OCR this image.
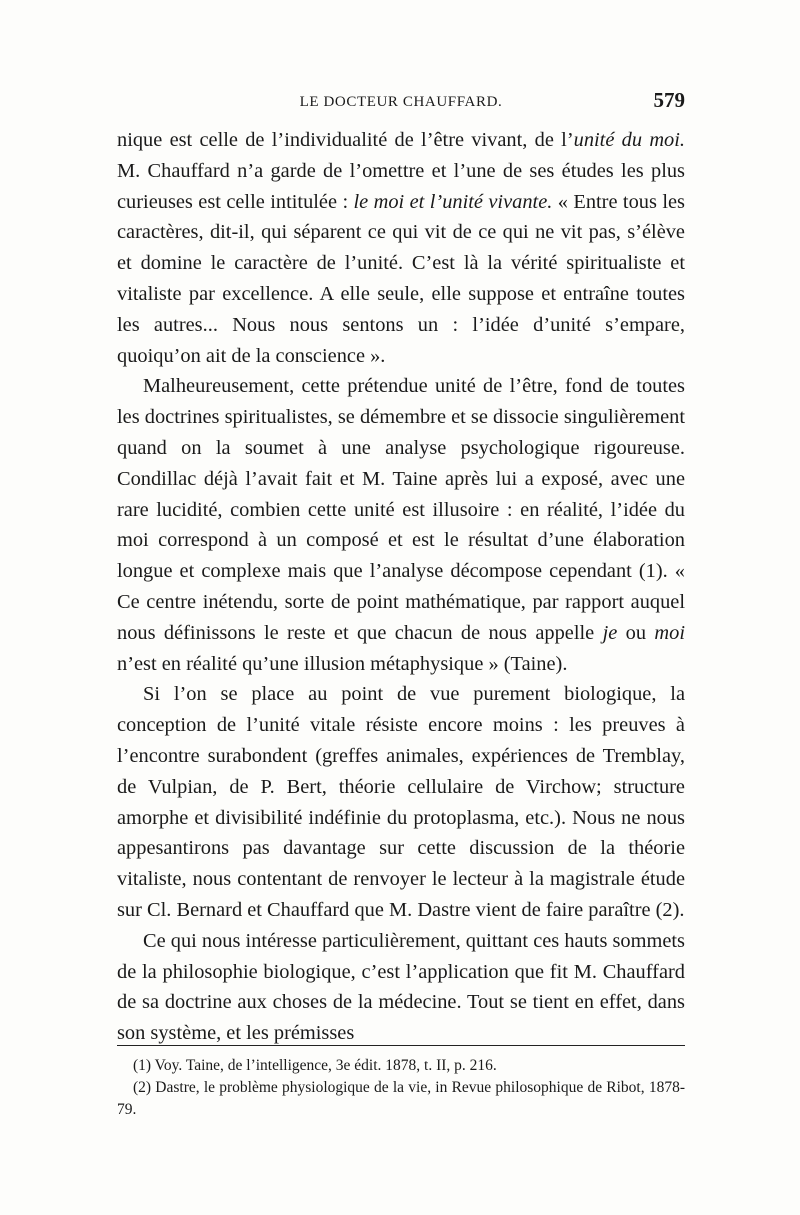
LE DOCTEUR CHAUFFARD.	579

nique est celle de l’individualité de l’être vivant, de l’unité du moi. M. Chauffard n’a garde de l’omettre et l’une de ses études les plus curieuses est celle intitulée : le moi et l’unité vivante. « Entre tous les caractères, dit-il, qui séparent ce qui vit de ce qui ne vit pas, s’élève et domine le caractère de l’unité. C’est là la vérité spiritualiste et vitaliste par excellence. A elle seule, elle suppose et entraîne toutes les autres... Nous nous sentons un : l’idée d’unité s’empare, quoiqu’on ait de la conscience ».

Malheureusement, cette prétendue unité de l’être, fond de toutes les doctrines spiritualistes, se démembre et se dissocie singulièrement quand on la soumet à une analyse psychologique rigoureuse. Condillac déjà l’avait fait et M. Taine après lui a exposé, avec une rare lucidité, combien cette unité est illusoire : en réalité, l’idée du moi correspond à un composé et est le résultat d’une élaboration longue et complexe mais que l’analyse décompose cependant (1). « Ce centre inétendu, sorte de point mathématique, par rapport auquel nous définissons le reste et que chacun de nous appelle je ou moi n’est en réalité qu’une illusion métaphysique » (Taine).

Si l’on se place au point de vue purement biologique, la conception de l’unité vitale résiste encore moins : les preuves à l’encontre surabondent (greffes animales, expériences de Tremblay, de Vulpian, de P. Bert, théorie cellulaire de Virchow; structure amorphe et divisibilité indéfinie du protoplasma, etc.). Nous ne nous appesantirons pas davantage sur cette discussion de la théorie vitaliste, nous contentant de renvoyer le lecteur à la magistrale étude sur Cl. Bernard et Chauffard que M. Dastre vient de faire paraître (2).

Ce qui nous intéresse particulièrement, quittant ces hauts sommets de la philosophie biologique, c’est l’application que fit M. Chauffard de sa doctrine aux choses de la médecine. Tout se tient en effet, dans son système, et les prémisses

(1) Voy. Taine, de l’intelligence, 3e édit. 1878, t. II, p. 216.

(2) Dastre, le problème physiologique de la vie, in Revue philosophique de Ribot, 1878-79.
